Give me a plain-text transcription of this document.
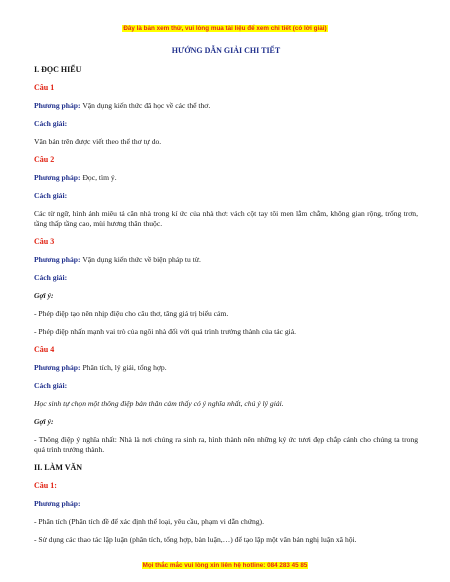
Đây là bản xem thử, vui lòng mua tài liệu để xem chi tiết (có lời giải)
HƯỚNG DẪN GIẢI CHI TIẾT
I. ĐỌC HIỂU
Câu 1
Phương pháp: Vận dụng kiến thức đã học về các thể thơ.
Cách giải:
Văn bản trên được viết theo thể thơ tự do.
Câu 2
Phương pháp: Đọc, tìm ý.
Cách giải:
Các từ ngữ, hình ảnh miêu tả căn nhà trong kí ức của nhà thơ: vách cột tay tôi men lẫm chẫm, không gian rộng, trống trơn, tầng thấp tầng cao, mùi hương thân thuộc.
Câu 3
Phương pháp: Vận dụng kiến thức về biện pháp tu từ.
Cách giải:
Gợi ý:
- Phép điệp tạo nên nhịp điệu cho câu thơ, tăng giá trị biểu cảm.
- Phép điệp nhấn mạnh vai trò của ngôi nhà đối với quá trình trưởng thành của tác giả.
Câu 4
Phương pháp: Phân tích, lý giải, tổng hợp.
Cách giải:
Học sinh tự chọn một thông điệp bản thân cảm thấy có ý nghĩa nhất, chú ý lý giải.
Gợi ý:
- Thông điệp ý nghĩa nhất: Nhà là nơi chúng ra sinh ra, hình thành nên những ký ức tươi đẹp chắp cánh cho chúng ta trong quá trình trưởng thành.
II. LÀM VĂN
Câu 1:
Phương pháp:
- Phân tích (Phân tích đề để xác định thể loại, yêu cầu, phạm vi dẫn chứng).
- Sử dụng các thao tác lập luận (phân tích, tổng hợp, bàn luận,…) để tạo lập một văn bản nghị luận xã hội.
Mọi thắc mắc vui lòng xin liên hệ hotline: 084 283 45 85
